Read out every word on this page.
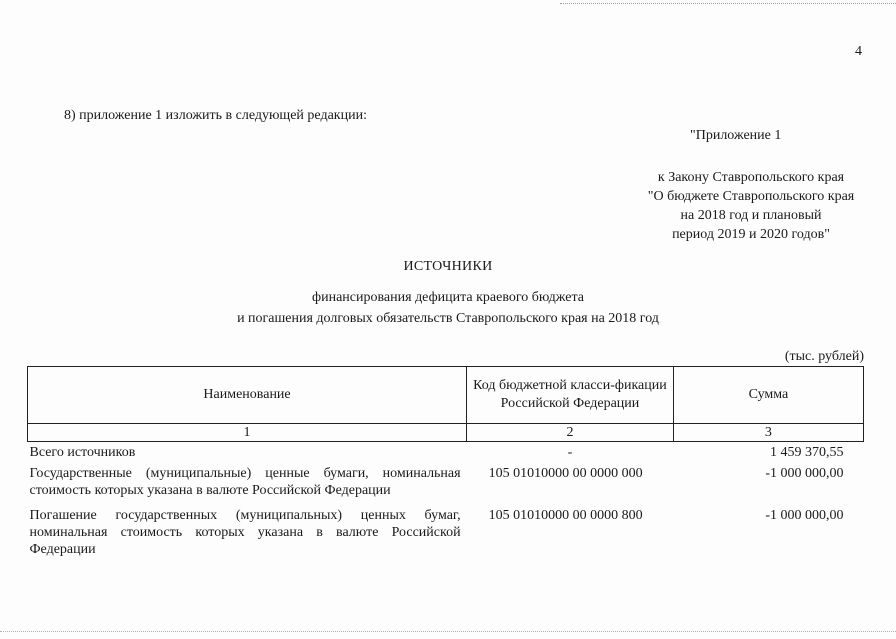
4
8) приложение 1 изложить в следующей редакции:
"Приложение 1
к Закону Ставропольского края
"О бюджете Ставропольского края
на 2018 год и плановый
период 2019 и 2020 годов"
ИСТОЧНИКИ
финансирования дефицита краевого бюджета
и погашения долговых обязательств Ставропольского края на 2018 год
(тыс. рублей)
Наименование	Код бюджетной класси-фикации Российской Федерации	Сумма
1	2	3
Всего источников	-	1 459 370,55
Государственные (муниципальные) ценные бумаги, номинальная стоимость которых указана в валюте Российской Федерации	105 01010000 00 0000 000	-1 000 000,00
Погашение государственных (муниципальных) ценных бумаг, номинальная стоимость которых указана в валюте Российской Федерации	105 01010000 00 0000 800	-1 000 000,00
